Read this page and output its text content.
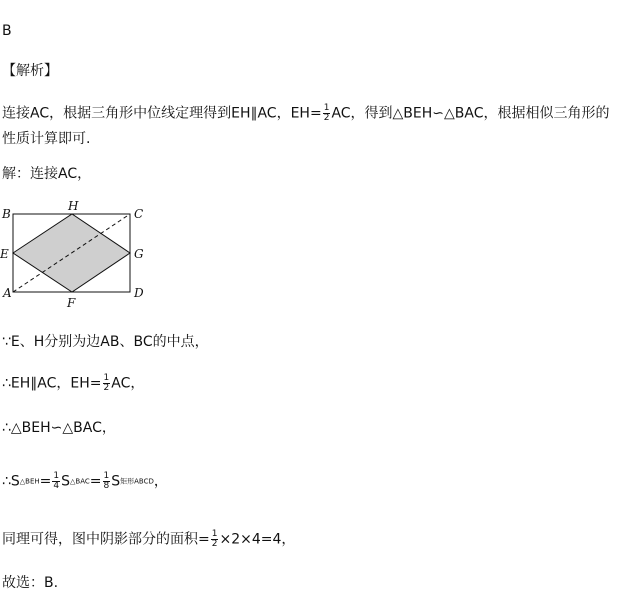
B
【解析】
连接AC，根据三角形中位线定理得到EH∥AC，$EH= \frac{1}{2}$ AC，得到△BEH∽△BAC，根据相似三角形的
性质计算即可.
解：连接AC，
B
H
C
E	G
A
F
D
∵E、H分别为边AB、BC的中点，
∴EH∥AC，$EH= \frac{1}{2}$ AC，
∴△BEH∽△BAC，
$\therefore S^{\triangle BEH}= \frac{1}{4} S^{\triangle BAC}= \frac{1}{8} S^{矩形ABCD}$，
同理可得，图中阴影部分的面积= $\frac{1}{2} \times 2\times 4=4$，
故选：B.
